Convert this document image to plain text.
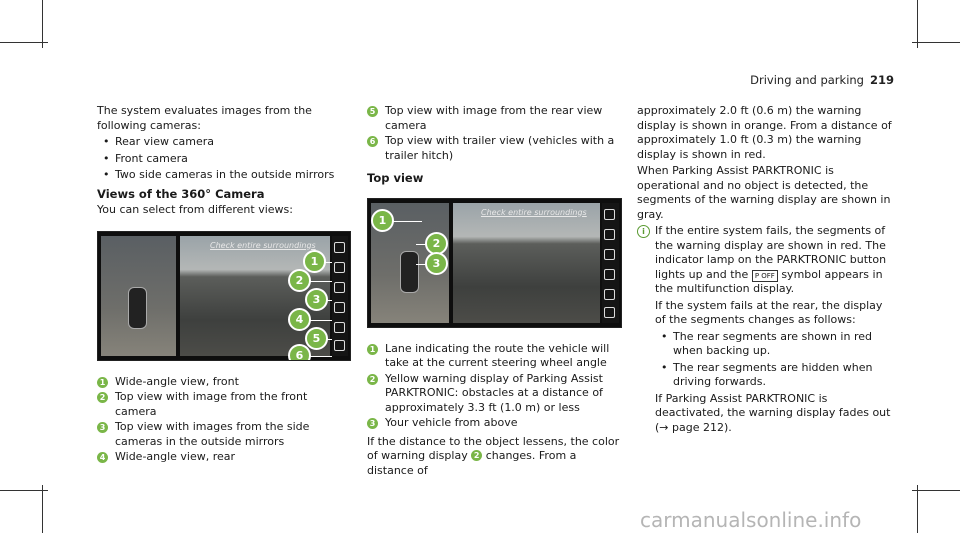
Driving and parking 219

The system evaluates images from the following cameras:

• Rear view camera
• Front camera
• Two side cameras in the outside mirrors
Views of the 360° Camera

You can select from different views:

Check entire surroundings
1
2
3
4
5
6
1 Wide-angle view, front
2 Top view with image from the front camera
3 Top view with images from the side cameras in the outside mirrors
4 Wide-angle view, rear
5 Top view with image from the rear view camera
6 Top view with trailer view (vehicles with a trailer hitch)
Top view
Check entire surroundings
1
2
3
1 Lane indicating the route the vehicle will take at the current steering wheel angle
2 Yellow warning display of Parking Assist PARKTRONIC: obstacles at a distance of approximately 3.3 ft (1.0 m) or less
3 Your vehicle from above

If the distance to the object lessens, the color of warning display 2 changes. From a distance of

approximately 2.0 ft (0.6 m) the warning display is shown in orange. From a distance of approximately 1.0 ft (0.3 m) the warning display is shown in red.

When Parking Assist PARKTRONIC is operational and no object is detected, the segments of the warning display are shown in gray.

i If the entire system fails, the segments of the warning display are shown in red. The indicator lamp on the PARKTRONIC button lights up and the P OFF symbol appears in the multifunction display.

If the system fails at the rear, the display of the segments changes as follows:

• The rear segments are shown in red when backing up.
• The rear segments are hidden when driving forwards.

If Parking Assist PARKTRONIC is deactivated, the warning display fades out (→ page 212).

carmanualsonline.info
